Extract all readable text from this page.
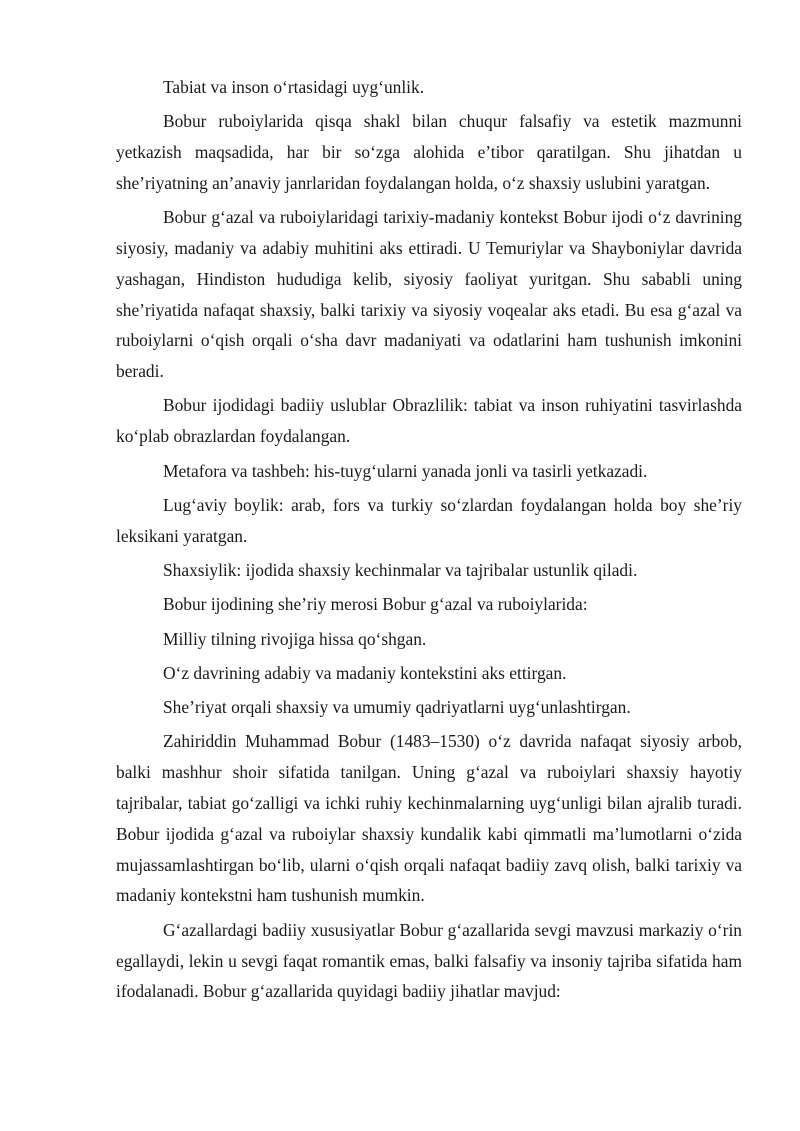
Tabiat va inson o‘rtasidagi uyg‘unlik.

Bobur ruboiylarida qisqa shakl bilan chuqur falsafiy va estetik mazmunni yetkazish maqsadida, har bir so‘zga alohida e’tibor qaratilgan. Shu jihatdan u she’riyatning an’anaviy janrlaridan foydalangan holda, o‘z shaxsiy uslubini yaratgan.

Bobur g‘azal va ruboiylaridagi tarixiy-madaniy kontekst Bobur ijodi o‘z davrining siyosiy, madaniy va adabiy muhitini aks ettiradi. U Temuriylar va Shayboniylar davrida yashagan, Hindiston hududiga kelib, siyosiy faoliyat yuritgan. Shu sababli uning she’riyatida nafaqat shaxsiy, balki tarixiy va siyosiy voqealar aks etadi. Bu esa g‘azal va ruboiylarni o‘qish orqali o‘sha davr madaniyati va odatlarini ham tushunish imkonini beradi.

Bobur ijodidagi badiiy uslublar Obrazlilik: tabiat va inson ruhiyatini tasvirlashda ko‘plab obrazlardan foydalangan.

Metafora va tashbeh: his-tuyg‘ularni yanada jonli va tasirli yetkazadi.

Lug‘aviy boylik: arab, fors va turkiy so‘zlardan foydalangan holda boy she’riy leksikani yaratgan.

Shaxsiylik: ijodida shaxsiy kechinmalar va tajribalar ustunlik qiladi.

Bobur ijodining she’riy merosi Bobur g‘azal va ruboiylarida:

Milliy tilning rivojiga hissa qo‘shgan.

O‘z davrining adabiy va madaniy kontekstini aks ettirgan.

She’riyat orqali shaxsiy va umumiy qadriyatlarni uyg‘unlashtirgan.

Zahiriddin Muhammad Bobur (1483–1530) o‘z davrida nafaqat siyosiy arbob, balki mashhur shoir sifatida tanilgan. Uning g‘azal va ruboiylari shaxsiy hayotiy tajribalar, tabiat go‘zalligi va ichki ruhiy kechinmalarning uyg‘unligi bilan ajralib turadi. Bobur ijodida g‘azal va ruboiylar shaxsiy kundalik kabi qimmatli ma’lumotlarni o‘zida mujassamlashtirgan bo‘lib, ularni o‘qish orqali nafaqat badiiy zavq olish, balki tarixiy va madaniy kontekstni ham tushunish mumkin.

G‘azallardagi badiiy xususiyatlar Bobur g‘azallarida sevgi mavzusi markaziy o‘rin egallaydi, lekin u sevgi faqat romantik emas, balki falsafiy va insoniy tajriba sifatida ham ifodalanadi. Bobur g‘azallarida quyidagi badiiy jihatlar mavjud:
